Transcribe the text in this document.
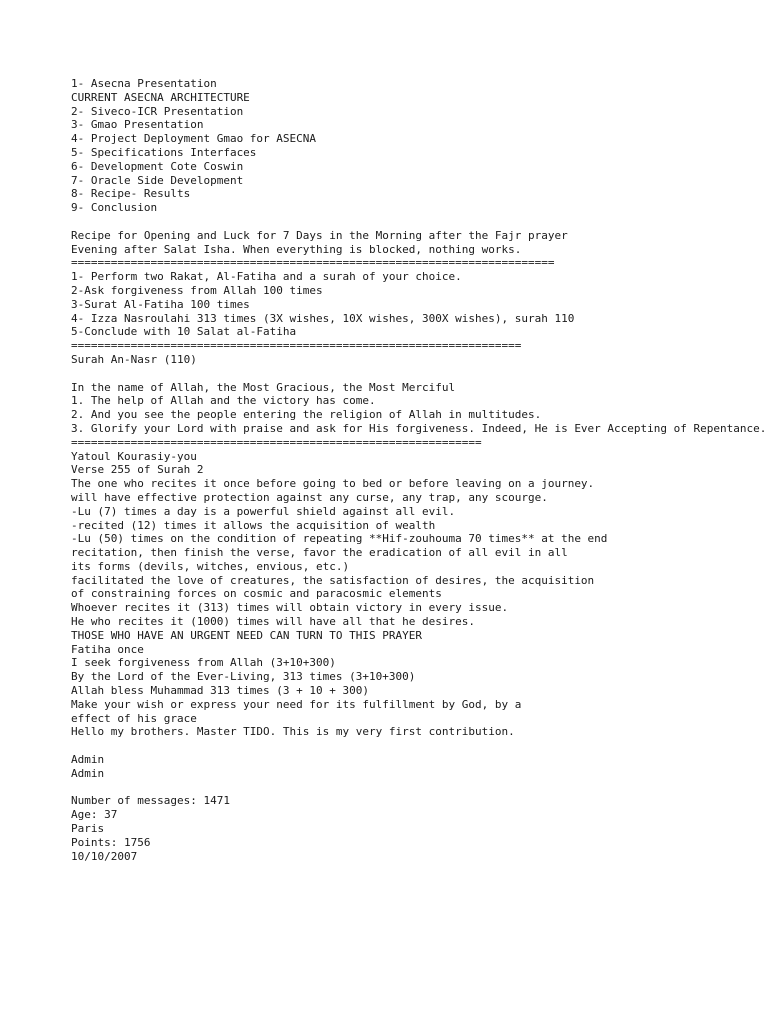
1- Asecna Presentation
CURRENT ASECNA ARCHITECTURE
2- Siveco-ICR Presentation
3- Gmao Presentation
4- Project Deployment Gmao for ASECNA
5- Specifications Interfaces
6- Development Cote Coswin
7- Oracle Side Development
8- Recipe- Results
9- Conclusion
Recipe for Opening and Luck for 7 Days in the Morning after the Fajr prayer
Evening after Salat Isha. When everything is blocked, nothing works.
=========================================================================
1- Perform two Rakat, Al-Fatiha and a surah of your choice.
2-Ask forgiveness from Allah 100 times
3-Surat Al-Fatiha 100 times
4- Izza Nasroulahi 313 times (3X wishes, 10X wishes, 300X wishes), surah 110
5-Conclude with 10 Salat al-Fatiha
====================================================================
Surah An-Nasr (110)
In the name of Allah, the Most Gracious, the Most Merciful
1. The help of Allah and the victory has come.
2. And you see the people entering the religion of Allah in multitudes.
3. Glorify your Lord with praise and ask for His forgiveness. Indeed, He is Ever Accepting of Repentance.
==============================================================
Yatoul Kourasiy-you
Verse 255 of Surah 2
The one who recites it once before going to bed or before leaving on a journey.
will have effective protection against any curse, any trap, any scourge.
-Lu (7) times a day is a powerful shield against all evil.
-recited (12) times it allows the acquisition of wealth
-Lu (50) times on the condition of repeating **Hif-zouhouma 70 times** at the end
recitation, then finish the verse, favor the eradication of all evil in all
its forms (devils, witches, envious, etc.)
facilitated the love of creatures, the satisfaction of desires, the acquisition
of constraining forces on cosmic and paracosmic elements
Whoever recites it (313) times will obtain victory in every issue.
He who recites it (1000) times will have all that he desires.
THOSE WHO HAVE AN URGENT NEED CAN TURN TO THIS PRAYER
Fatiha once
I seek forgiveness from Allah (3+10+300)
By the Lord of the Ever-Living, 313 times (3+10+300)
Allah bless Muhammad 313 times (3 + 10 + 300)
Make your wish or express your need for its fulfillment by God, by a
effect of his grace
Hello my brothers. Master TIDO. This is my very first contribution.
Admin
Admin
Number of messages: 1471
Age: 37
Paris
Points: 1756
10/10/2007
